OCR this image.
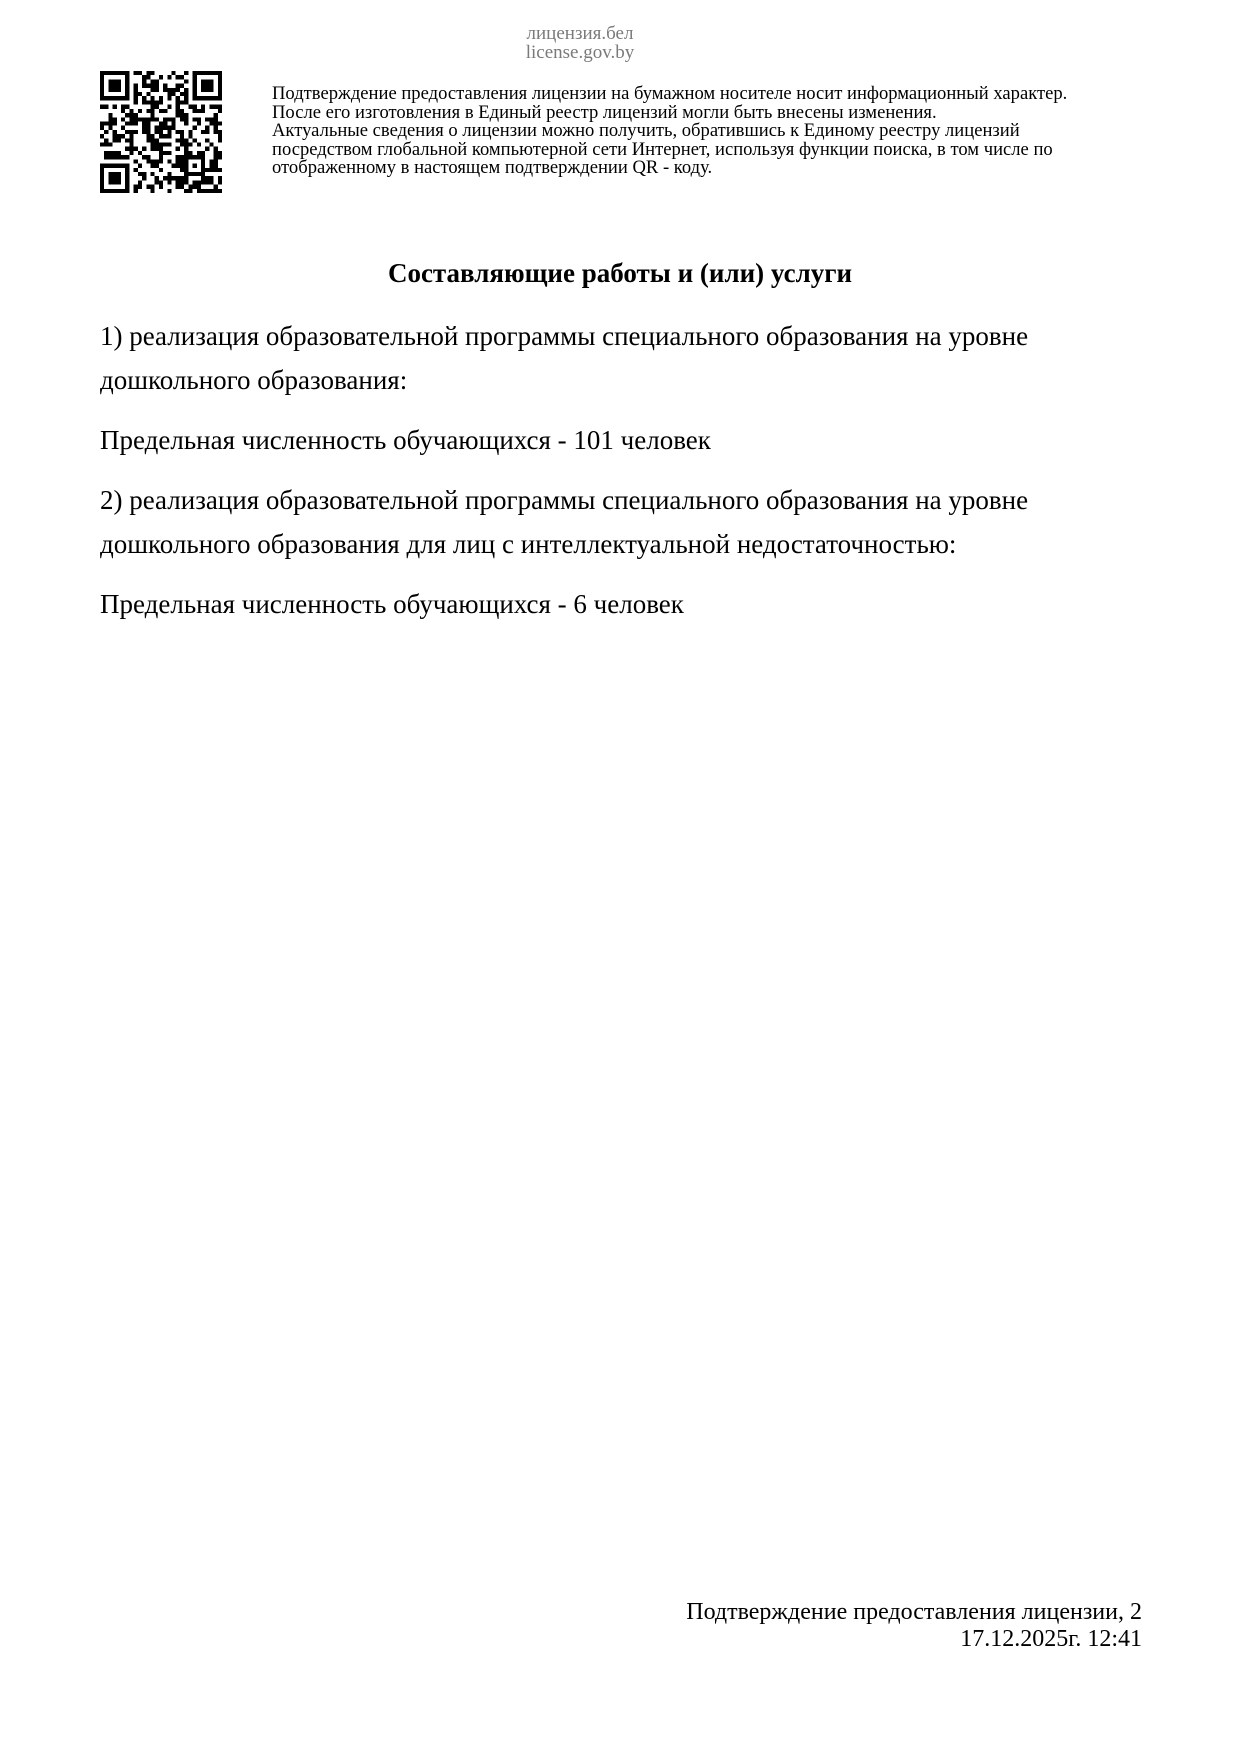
лицензия.бел
license.gov.by
Подтверждение предоставления лицензии на бумажном носителе носит информационный характер.
После его изготовления в Единый реестр лицензий могли быть внесены изменения.
Актуальные сведения о лицензии можно получить, обратившись к Единому реестру лицензий
посредством глобальной компьютерной сети Интернет, используя функции поиска, в том числе по
отображенному в настоящем подтверждении QR - коду.
Составляющие работы и (или) услуги

1) реализация образовательной программы специального образования на уровне дошкольного образования:

Предельная численность обучающихся - 101 человек

2) реализация образовательной программы специального образования на уровне дошкольного образования для лиц с интеллектуальной недостаточностью:

Предельная численность обучающихся - 6 человек

Подтверждение предоставления лицензии, 2
17.12.2025г. 12:41
